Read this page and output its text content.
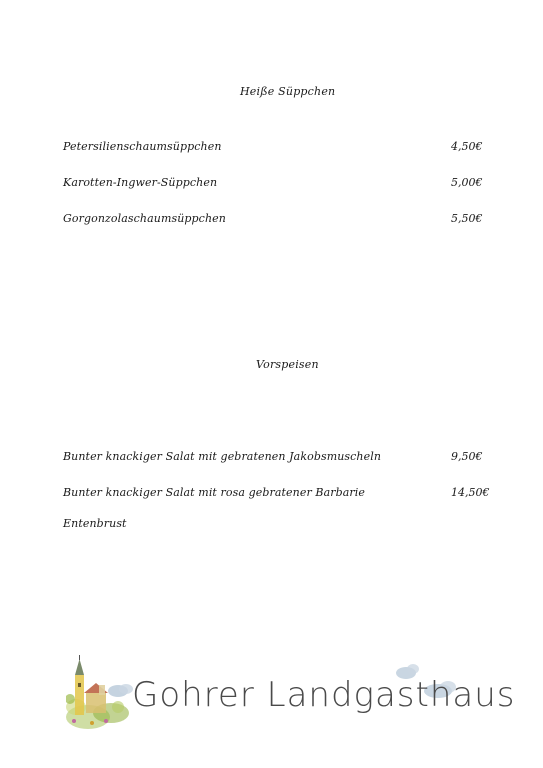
Heiße Süppchen
Petersilienschaumsüppchen	4,50€
Karotten-Ingwer-Süppchen	5,00€
Gorgonzolaschaumsüppchen	5,50€
Vorspeisen
Bunter knackiger Salat mit gebratenen Jakobsmuscheln	9,50€
Bunter knackiger Salat mit rosa gebratener Barbarie	14,50€
Entenbrust
Gohrer Landgasthaus
